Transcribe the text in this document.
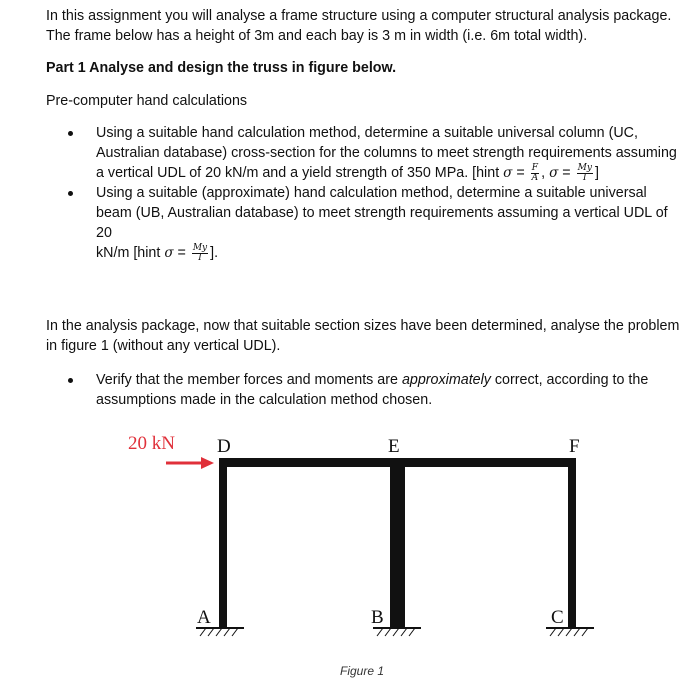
In this assignment you will analyse a frame structure using a computer structural analysis package.

The frame below has a height of 3m and each bay is 3 m in width (i.e. 6m total width).

Part 1 Analyse and design the truss in figure below.

Pre-computer hand calculations

Using a suitable hand calculation method, determine a suitable universal column (UC,

Australian database) cross-section for the columns to meet strength requirements assuming

a vertical UDL of 20 kN/m and a yield strength of 350 MPa. [hint $\sigma = \frac{F}{A}$ , $\sigma = \frac{My}{I}$ ]

Using a suitable (approximate) hand calculation method, determine a suitable universal

beam (UB, Australian database) to meet strength requirements assuming a vertical UDL of 20

kN/m [hint $\sigma = \frac{My}{I}$ ].

In the analysis package, now that suitable section sizes have been determined, analyse the problem

in figure 1 (without any vertical UDL).

Verify that the member forces and moments are approximately correct, according to the

assumptions made in the calculation method chosen.

20 kN D	E	F
A	B	C
Figure 1
